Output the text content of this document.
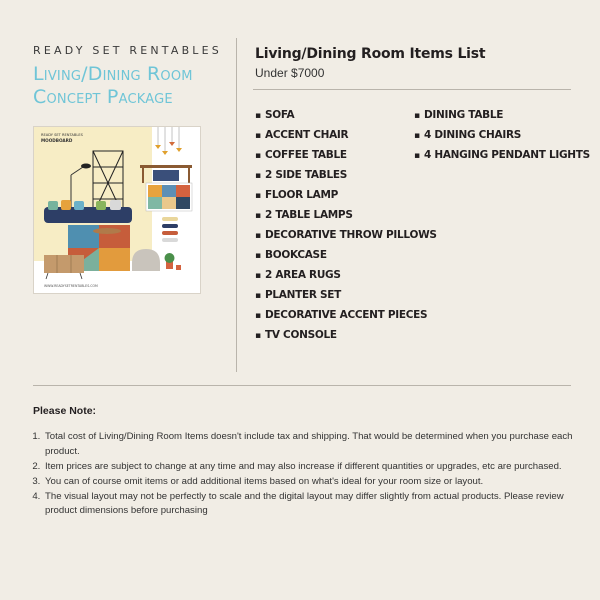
READY SET RENTABLES

Living/Dining Room
Concept Package

READY SET RENTABLES
MOODBOARD
WWW.READYSETRENTABLES.COM

Living/Dining Room Items List

Under $7000

▪ SOFA
▪ ACCENT CHAIR
▪ COFFEE TABLE
▪ 2 SIDE TABLES
▪ FLOOR LAMP
▪ 2 TABLE LAMPS
▪ DECORATIVE THROW PILLOWS
▪ BOOKCASE
▪ 2 AREA RUGS
▪ PLANTER SET
▪ DECORATIVE ACCENT PIECES
▪ TV CONSOLE
▪ DINING TABLE
▪ 4 DINING CHAIRS
▪ 4 HANGING PENDANT LIGHTS

Please Note:

1. Total cost of Living/Dining Room Items doesn't include tax and shipping. That would be determined when you purchase each product.
2. Item prices are subject to change at any time and may also increase if different quantities or upgrades, etc are purchased.
3. You can of course omit items or add additional items based on what's ideal for your room size or layout.
4. The visual layout may not be perfectly to scale and the digital layout may differ slightly from actual products. Please review product dimensions before purchasing
